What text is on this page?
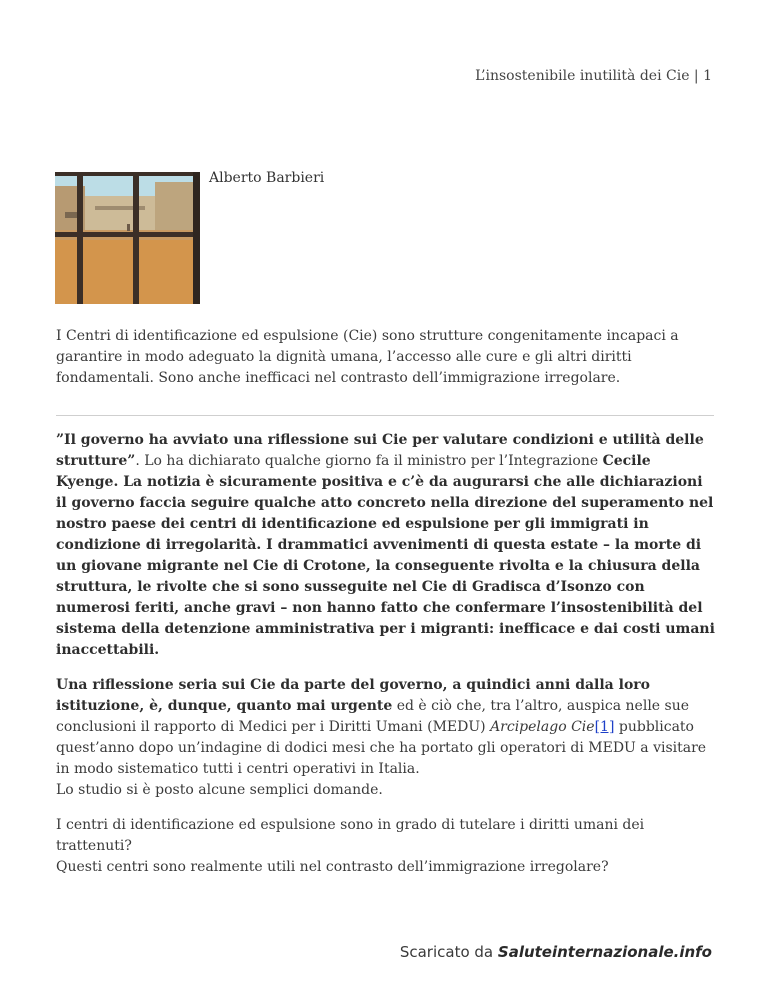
L’insostenibile inutilità dei Cie | 1
Alberto Barbieri

I Centri di identificazione ed espulsione (Cie) sono strutture congenitamente incapaci a garantire in modo adeguato la dignità umana, l’accesso alle cure e gli altri diritti fondamentali. Sono anche inefficaci nel contrasto dell’immigrazione irregolare.

”Il governo ha avviato una riflessione sui Cie per valutare condizioni e utilità delle strutture”. Lo ha dichiarato qualche giorno fa il ministro per l’Integrazione Cecile Kyenge. La notizia è sicuramente positiva e c’è da augurarsi che alle dichiarazioni il governo faccia seguire qualche atto concreto nella direzione del superamento nel nostro paese dei centri di identificazione ed espulsione per gli immigrati in condizione di irregolarità. I drammatici avvenimenti di questa estate – la morte di un giovane migrante nel Cie di Crotone, la conseguente rivolta e la chiusura della struttura, le rivolte che si sono susseguite nel Cie di Gradisca d’Isonzo con numerosi feriti, anche gravi – non hanno fatto che confermare l’insostenibilità del sistema della detenzione amministrativa per i migranti: inefficace e dai costi umani inaccettabili.

Una riflessione seria sui Cie da parte del governo, a quindici anni dalla loro istituzione, è, dunque, quanto mai urgente ed è ciò che, tra l’altro, auspica nelle sue conclusioni il rapporto di Medici per i Diritti Umani (MEDU) Arcipelago Cie[1] pubblicato quest’anno dopo un’indagine di dodici mesi che ha portato gli operatori di MEDU a visitare in modo sistematico tutti i centri operativi in Italia.
Lo studio si è posto alcune semplici domande.

I centri di identificazione ed espulsione sono in grado di tutelare i diritti umani dei trattenuti?
Questi centri sono realmente utili nel contrasto dell’immigrazione irregolare?

Scaricato da Saluteinternazionale.info
